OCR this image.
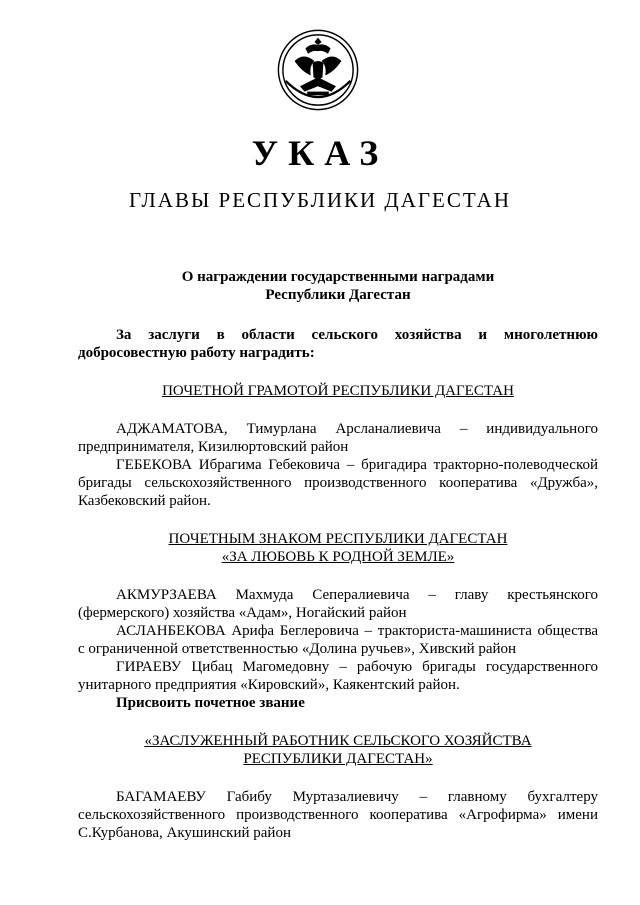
УКАЗ
ГЛАВЫ РЕСПУБЛИКИ ДАГЕСТАН

О награждении государственными наградами

Республики Дагестан

За заслуги в области сельского хозяйства и многолетнюю добросовестную работу наградить:

ПОЧЕТНОЙ ГРАМОТОЙ РЕСПУБЛИКИ ДАГЕСТАН

АДЖАМАТОВА, Тимурлана Арсланалиевича – индивидуального предпринимателя, Кизилюртовский район

ГЕБЕКОВА Ибрагима Гебековича – бригадира тракторно-полеводческой бригады сельскохозяйственного производственного кооператива «Дружба», Казбековский район.

ПОЧЕТНЫМ ЗНАКОМ РЕСПУБЛИКИ ДАГЕСТАН

«ЗА ЛЮБОВЬ К РОДНОЙ ЗЕМЛЕ»

АКМУРЗАЕВА Махмуда Сепералиевича – главу крестьянского (фермерского) хозяйства «Адам», Ногайский район

АСЛАНБЕКОВА Арифа Беглеровича – тракториста-машиниста общества с ограниченной ответственностью «Долина ручьев», Хивский район

ГИРАЕВУ Цибац Магомедовну – рабочую бригады государственного унитарного предприятия «Кировский», Каякентский район.

Присвоить почетное звание

«ЗАСЛУЖЕННЫЙ РАБОТНИК СЕЛЬСКОГО ХОЗЯЙСТВА

РЕСПУБЛИКИ ДАГЕСТАН»

БАГАМАЕВУ Габибу Муртазалиевичу – главному бухгалтеру сельскохозяйственного производственного кооператива «Агрофирма» имени С.Курбанова, Акушинский район
